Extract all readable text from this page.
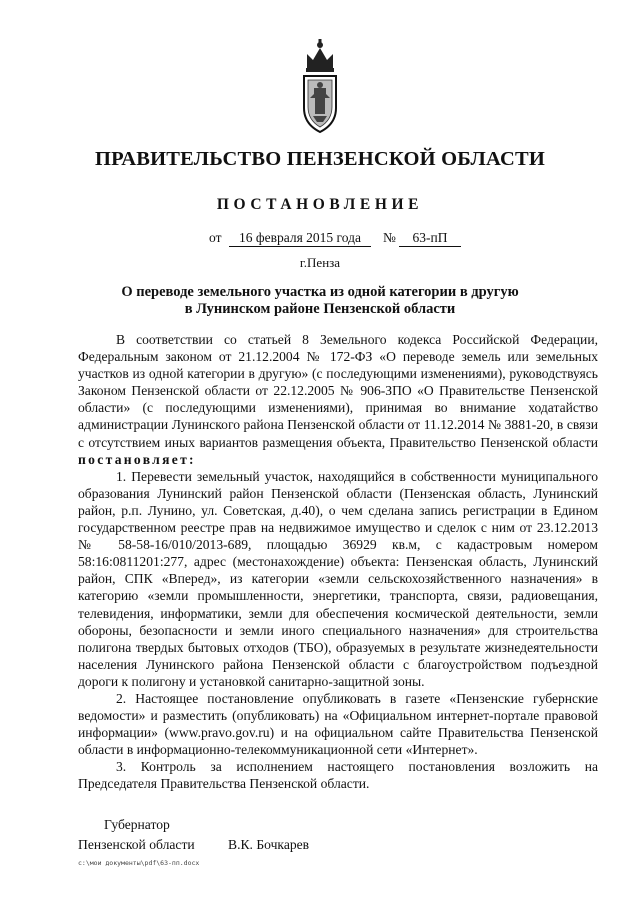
ПРАВИТЕЛЬСТВО ПЕНЗЕНСКОЙ ОБЛАСТИ
ПОСТАНОВЛЕНИЕ
от	16 февраля 2015 года	№	63-пП
г.Пенза
О переводе земельного участка из одной категории в другую
в Лунинском районе Пензенской области

В соответствии со статьей 8 Земельного кодекса Российской Федерации, Федеральным законом от 21.12.2004 № 172-ФЗ «О переводе земель или земельных участков из одной категории в другую» (с последующими изменениями), руководствуясь Законом Пензенской области от 22.12.2005 № 906-ЗПО «О Правительстве Пензенской области» (с последующими изменениями), принимая во внимание ходатайство администрации Лунинского района Пензенской области от 11.12.2014 № 3881-20, в связи с отсутствием иных вариантов размещения объекта, Правительство Пензенской области постановляет:

1. Перевести земельный участок, находящийся в собственности муниципального образования Лунинский район Пензенской области (Пензенская область, Лунинский район, р.п. Лунино, ул. Советская, д.40), о чем сделана запись регистрации в Едином государственном реестре прав на недвижимое имущество и сделок с ним от 23.12.2013 № 58-58-16/010/2013-689, площадью 36929 кв.м, с кадастровым номером 58:16:0811201:277, адрес (местонахождение) объекта: Пензенская область, Лунинский район, СПК «Вперед», из категории «земли сельскохозяйственного назначения» в категорию «земли промышленности, энергетики, транспорта, связи, радиовещания, телевидения, информатики, земли для обеспечения космической деятельности, земли обороны, безопасности и земли иного специального назначения» для строительства полигона твердых бытовых отходов (ТБО), образуемых в результате жизнедеятельности населения Лунинского района Пензенской области с благоустройством подъездной дороги к полигону и установкой санитарно-защитной зоны.

2. Настоящее постановление опубликовать в газете «Пензенские губернские ведомости» и разместить (опубликовать) на «Официальном интернет-портале правовой информации» (www.pravo.gov.ru) и на официальном сайте Правительства Пензенской области в информационно-телекоммуникационной сети «Интернет».

3. Контроль за исполнением настоящего постановления возложить на Председателя Правительства Пензенской области.

Губернатор
Пензенской области В.К. Бочкарев
с:\мои документы\pdf\63-пп.docx
